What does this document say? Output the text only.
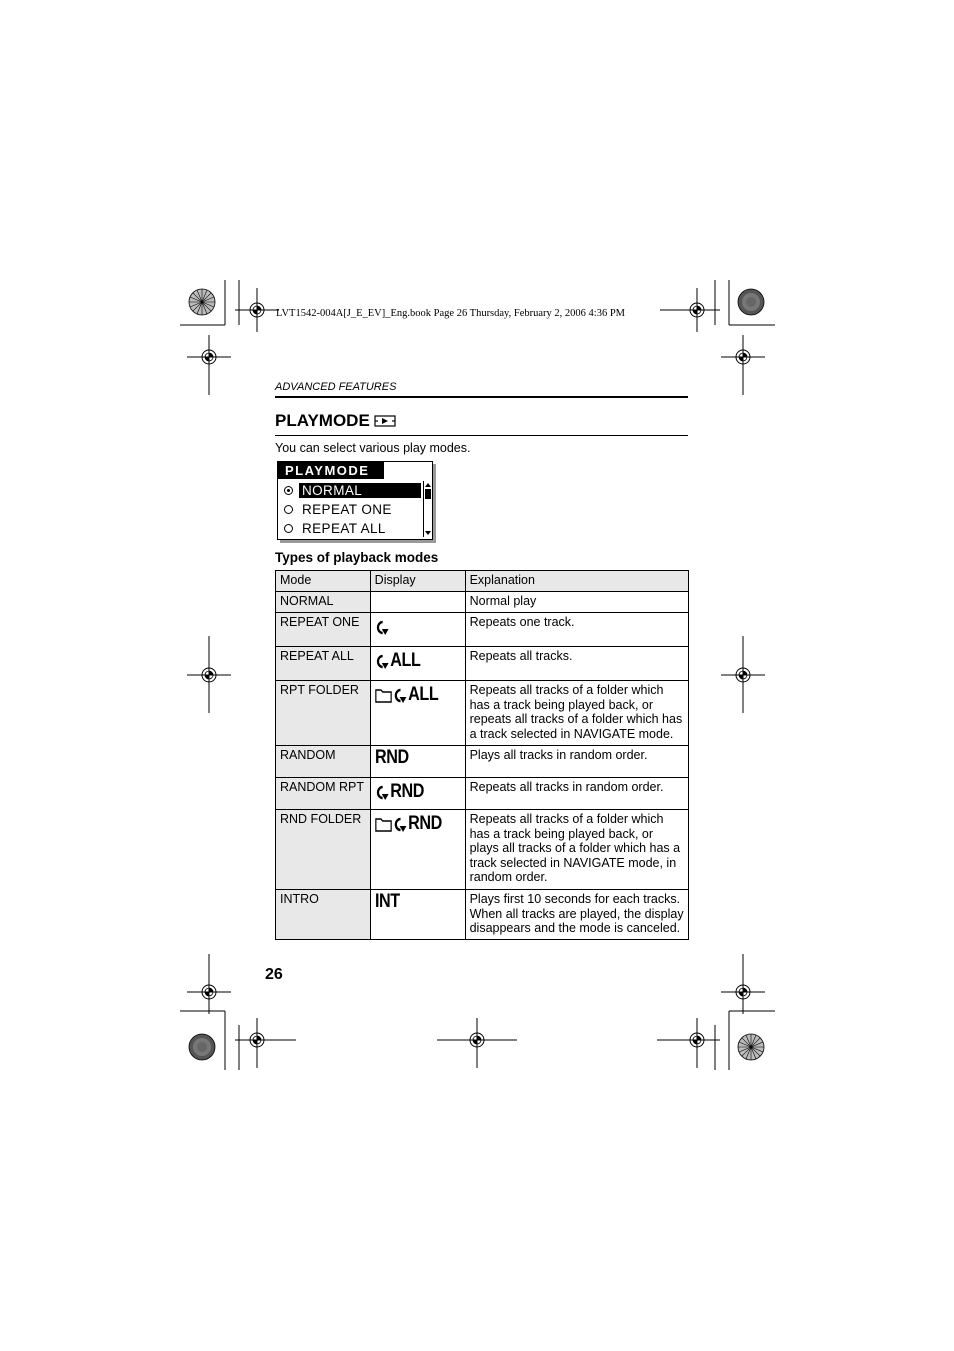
LVT1542-004A[J_E_EV]_Eng.book Page 26 Thursday, February 2, 2006 4:36 PM
ADVANCED FEATURES
PLAYMODE
You can select various play modes.
PLAYMODE
NORMAL
REPEAT ONE
REPEAT ALL
Types of playback modes
Mode	Display	Explanation
NORMAL		Normal play
REPEAT ONE		Repeats one track.
REPEAT ALL	ALL	Repeats all tracks.
RPT FOLDER	ALL	Repeats all tracks of a folder which has a track being played back, or repeats all tracks of a folder which has a track selected in NAVIGATE mode.
RANDOM	RND	Plays all tracks in random order.
RANDOM RPT	RND	Repeats all tracks in random order.
RND FOLDER	RND	Repeats all tracks of a folder which has a track being played back, or plays all tracks of a folder which has a track selected in NAVIGATE mode, in random order.
INTRO	INT	Plays first 10 seconds for each tracks. When all tracks are played, the display disappears and the mode is canceled.
26
